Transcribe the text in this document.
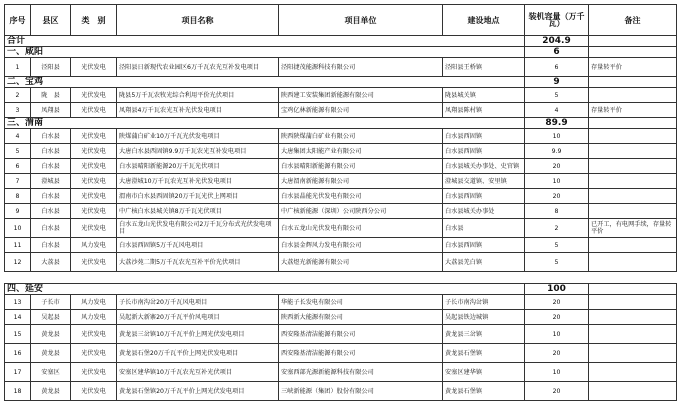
序号	县区	类　别	项目名称	项目单位	建设地点	装机容量（万千瓦）	备注
合计						204.9	
一、咸阳						6	
1	泾阳县	光伏发电	泾阳县日新现代农业园区6万千瓦农光互补发电项目	泾阳捷茂能源科技有限公司	泾阳县王桥镇	6	存量转平价
二、宝鸡						9	
2	陇　县	光伏发电	陇县5万千瓦农牧光综合利用平价光伏项目	陕西建工安装集团新能源有限公司	陇县城关镇	5	
3	凤翔县	光伏发电	凤翔县4万千瓦农光互补光伏发电项目	宝鸡亿林新能源有限公司	凤翔县陈村镇	4	存量转平价
三、渭南						89.9	
4	白水县	光伏发电	陕煤蒲白矿业10万千瓦光伏发电项目	陕西陕煤蒲白矿业有限公司	白水县西固镇	10	
5	白水县	光伏发电	大唐白水县西固镇9.9万千瓦农光互补发电项目	大唐集团太阳能产业有限公司	白水县西固镇	9.9	
6	白水县	光伏发电	白水县晴阳新能源20万千瓦光伏项目	白水县晴阳新能源有限公司	白水县城关办事处、史官镇	20	
7	澄城县	光伏发电	大唐澄城10万千瓦农光互补光伏发电项目	大唐渭南新能源有限公司	澄城县交道镇、安里镇	10	
8	白水县	光伏发电	渭南市白水县西固镇20万千瓦光伏上网项目	白水县晶能光伏发电有限公司	白水县西固镇	20	
9	白水县	光伏发电	中广核白水县城关镇8万千瓦光伏项目	中广核新能源（深圳）公司陕西分公司	白水县城关办事处	8	
10	白水县	光伏发电	白水五龙山光伏发电有限公司2万千瓦分布式光伏发电项目	白水五龙山光伏发电有限公司	白水县	2	已开工，有电网手续，存量转平价
11	白水县	风力发电	白水县西固镇5万千瓦风电项目	白水县金辉风力发电有限公司	白水县西固镇	5	
12	大荔县	光伏发电	大荔沙苑二期5万千瓦农光互补平价光伏项目	大荔煜光新能源有限公司	大荔县羌白镇	5	

四、延安						100	
13	子长市	风力发电	子长市南沟岔20万千瓦风电项目	华能子长发电有限公司	子长市南沟岔镇	20	
14	吴起县	风力发电	吴起新大新寨20万千瓦平价风电项目	陕西新大能源有限公司	吴起县铁边城镇	20	
15	黄龙县	光伏发电	黄龙县三岔镇10万千瓦平价上网光伏发电项目	西安隆基清洁能源有限公司	黄龙县三岔镇	10	
16	黄龙县	光伏发电	黄龙县石堡20万千瓦平价上网光伏发电项目	西安隆基清洁能源有限公司	黄龙县石堡镇	20	
17	安塞区	光伏发电	安塞区建华镇10万千瓦农光互补光伏项目	安塞西部光源新能源科技有限公司	安塞区建华镇	10	
18	黄龙县	光伏发电	黄龙县石堡镇20万千瓦平价上网光伏发电项目	三峡新能源（集团）股份有限公司	黄龙县石堡镇	20	
